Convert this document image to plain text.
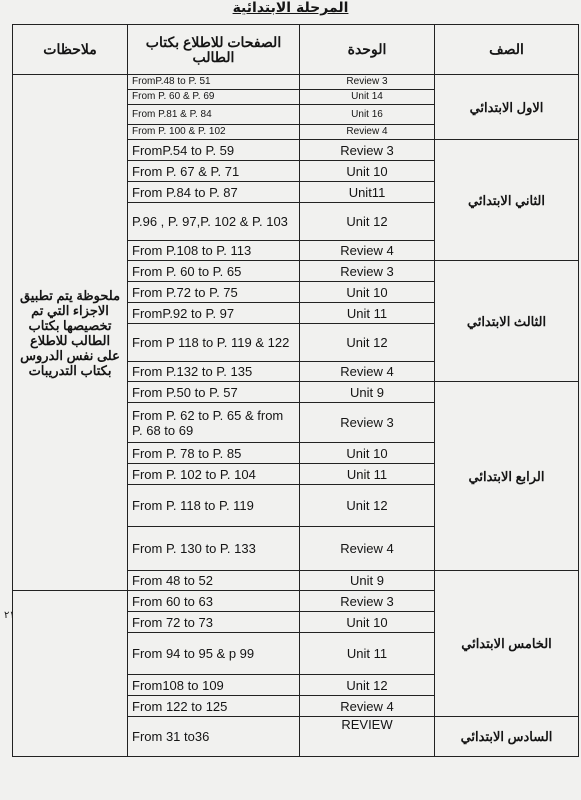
المرحلة الابتدائية
٢١
ملاحظات	الصفحات للاطلاع بكتاب الطالب	الوحدة	الصف
ملحوظة يتم تطبيق الاجزاء التي تم تخصيصها بكتاب الطالب للاطلاع على نفس الدروس بكتاب التدريبات	FromP.48 to P. 51	Review 3	الاول الابتدائي
	From P. 60 & P. 69	Unit 14	
	From P.81 & P. 84	Unit 16	
	From P. 100 & P. 102	Review 4	
	FromP.54 to P. 59	Review 3	الثاني الابتدائي
	From P. 67 & P. 71	Unit 10	
	From P.84 to P. 87	Unit11	
	P.96 , P. 97,P. 102 & P. 103	Unit 12	
	From P.108 to P. 113	Review 4	
	From P. 60 to P. 65	Review 3	الثالث الابتدائي
	From P.72 to P. 75	Unit 10	
	FromP.92 to P. 97	Unit 11	
	From P 118 to P. 119 & 122	Unit 12	
	From P.132 to P. 135	Review 4	
	From P.50 to P. 57	Unit 9	الرابع الابتدائي
	From P. 62 to P. 65 & from P. 68 to 69	Review 3	
	From P. 78 to P. 85	Unit 10	
	From P. 102 to P. 104	Unit 11	
	From P. 118 to P. 119	Unit 12	
	From P. 130 to P. 133	Review 4	
	From 48 to 52	Unit 9	الخامس الابتدائي
	From 60 to 63	Review 3	
	From 72 to 73	Unit 10	
	From 94 to 95 & p 99	Unit 11	
	From108 to 109	Unit 12	
	From 122 to 125	Review 4	
	From 31 to36	REVIEW	السادس الابتدائي
